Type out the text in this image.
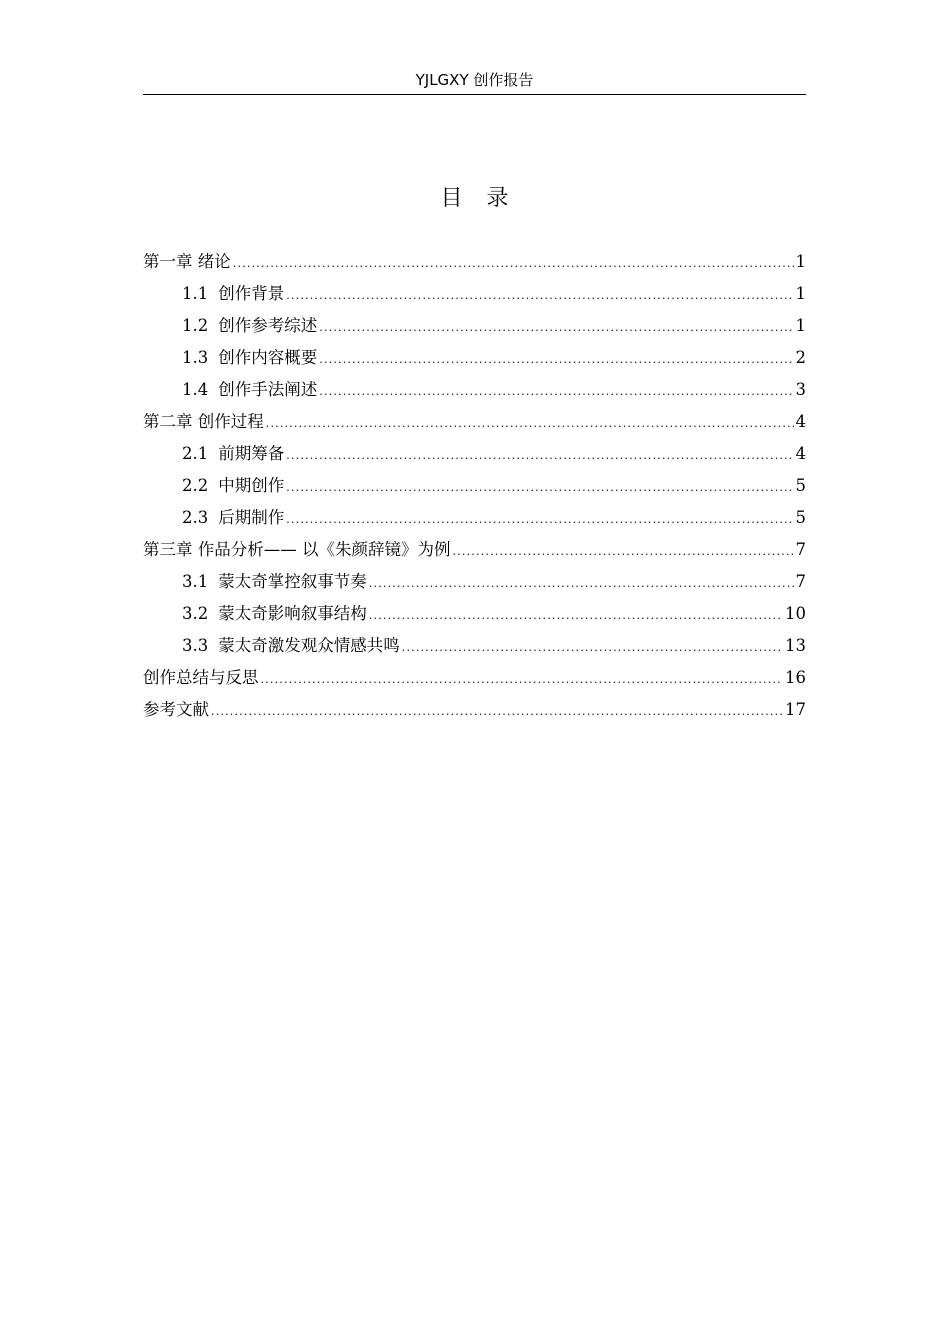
YJLGXY 创作报告
目录
第一章 绪论 .....	1
1.1 创作背景 .....	1
1.2 创作参考综述 .....	1
1.3 创作内容概要 .....	2
1.4 创作手法阐述 .....	3
第二章 创作过程 .....	4
2.1 前期筹备 .....	4
2.2 中期创作 .....	5
2.3 后期制作 .....	5
第三章 作品分析—— 以《朱颜辞镜》为例 .....	7
3.1 蒙太奇掌控叙事节奏 .....	7
3.2 蒙太奇影响叙事结构 .....	10
3.3 蒙太奇激发观众情感共鸣 .....	13
创作总结与反思 .....	16
参考文献 .....	17
